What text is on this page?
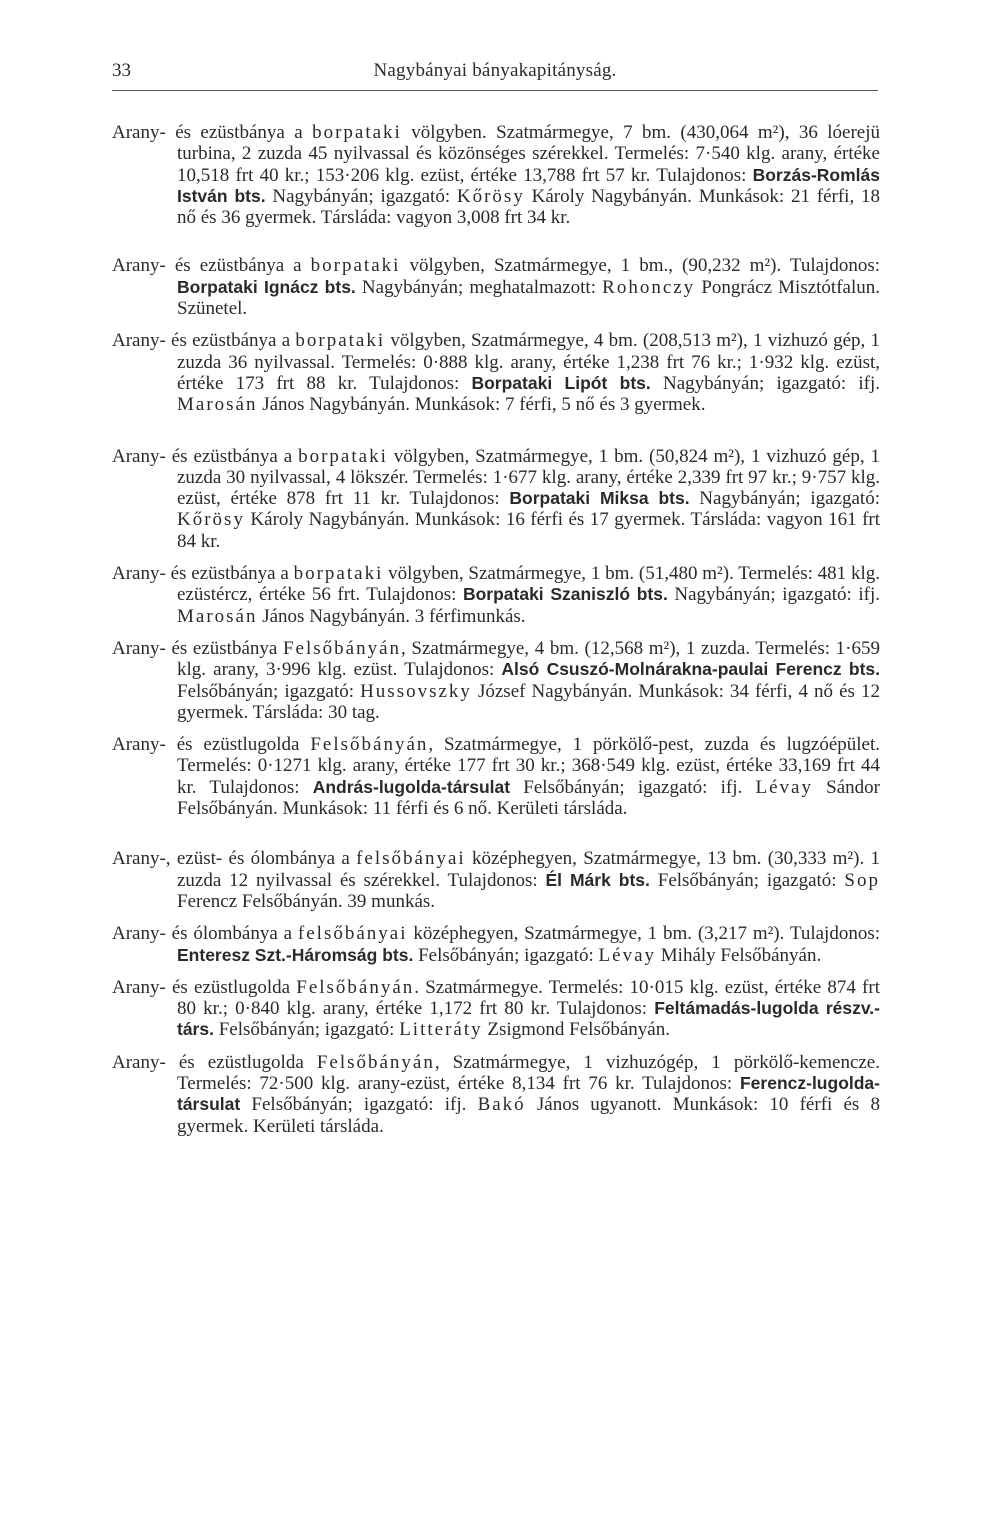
33	Nagybányai bányakapitányság.

Arany- és ezüstbánya a borpataki völgyben. Szatmármegye, 7 bm. (430,064 m²), 36 lóerejü turbina, 2 zuzda 45 nyilvassal és közönséges szérekkel. Termelés: 7·540 klg. arany, értéke 10,518 frt 40 kr.; 153·206 klg. ezüst, értéke 13,788 frt 57 kr. Tulajdonos: Borzás-Romlás István bts. Nagybányán; igazgató: Kőrösy Károly Nagybányán. Munkások: 21 férfi, 18 nő és 36 gyermek. Társláda: vagyon 3,008 frt 34 kr.

Arany- és ezüstbánya a borpataki völgyben, Szatmármegye, 1 bm., (90,232 m²). Tulajdonos: Borpataki Ignácz bts. Nagybányán; meghatalmazott: Rohonczy Pongrácz Misztótfalun. Szünetel.

Arany- és ezüstbánya a borpataki völgyben, Szatmármegye, 4 bm. (208,513 m²), 1 vizhuzó gép, 1 zuzda 36 nyilvassal. Termelés: 0·888 klg. arany, értéke 1,238 frt 76 kr.; 1·932 klg. ezüst, értéke 173 frt 88 kr. Tulajdonos: Borpataki Lipót bts. Nagybányán; igazgató: ifj. Marosán János Nagybányán. Munkások: 7 férfi, 5 nő és 3 gyermek.

Arany- és ezüstbánya a borpataki völgyben, Szatmármegye, 1 bm. (50,824 m²), 1 vizhuzó gép, 1 zuzda 30 nyilvassal, 4 lökszér. Termelés: 1·677 klg. arany, értéke 2,339 frt 97 kr.; 9·757 klg. ezüst, értéke 878 frt 11 kr. Tulajdonos: Borpataki Miksa bts. Nagybányán; igazgató: Kőrösy Károly Nagybányán. Munkások: 16 férfi és 17 gyermek. Társláda: vagyon 161 frt 84 kr.

Arany- és ezüstbánya a borpataki völgyben, Szatmármegye, 1 bm. (51,480 m²). Termelés: 481 klg. ezüstércz, értéke 56 frt. Tulajdonos: Borpataki Szaniszló bts. Nagybányán; igazgató: ifj. Marosán János Nagybányán. 3 férfimunkás.

Arany- és ezüstbánya Felsőbányán, Szatmármegye, 4 bm. (12,568 m²), 1 zuzda. Termelés: 1·659 klg. arany, 3·996 klg. ezüst. Tulajdonos: Alsó Csuszó-Molnárakna-paulai Ferencz bts. Felsőbányán; igazgató: Hussovszky József Nagybányán. Munkások: 34 férfi, 4 nő és 12 gyermek. Társláda: 30 tag.

Arany- és ezüstlugolda Felsőbányán, Szatmármegye, 1 pörkölő-pest, zuzda és lugzóépület. Termelés: 0·1271 klg. arany, értéke 177 frt 30 kr.; 368·549 klg. ezüst, értéke 33,169 frt 44 kr. Tulajdonos: András-lugolda-társulat Felsőbányán; igazgató: ifj. Lévay Sándor Felsőbányán. Munkások: 11 férfi és 6 nő. Kerületi társláda.

Arany-, ezüst- és ólombánya a felsőbányai középhegyen, Szatmármegye, 13 bm. (30,333 m²). 1 zuzda 12 nyilvassal és szérekkel. Tulajdonos: Él Márk bts. Felsőbányán; igazgató: Sop Ferencz Felsőbányán. 39 munkás.

Arany- és ólombánya a felsőbányai középhegyen, Szatmármegye, 1 bm. (3,217 m²). Tulajdonos: Enteresz Szt.-Háromság bts. Felsőbányán; igazgató: Lévay Mihály Felsőbányán.

Arany- és ezüstlugolda Felsőbányán. Szatmármegye. Termelés: 10·015 klg. ezüst, értéke 874 frt 80 kr.; 0·840 klg. arany, értéke 1,172 frt 80 kr. Tulajdonos: Feltámadás-lugolda részv.-társ. Felsőbányán; igazgató: Litteráty Zsigmond Felsőbányán.

Arany- és ezüstlugolda Felsőbányán, Szatmármegye, 1 vizhuzógép, 1 pörkölő-kemencze. Termelés: 72·500 klg. arany-ezüst, értéke 8,134 frt 76 kr. Tulajdonos: Ferencz-lugolda-társulat Felsőbányán; igazgató: ifj. Bakó János ugyanott. Munkások: 10 férfi és 8 gyermek. Kerületi társláda.
